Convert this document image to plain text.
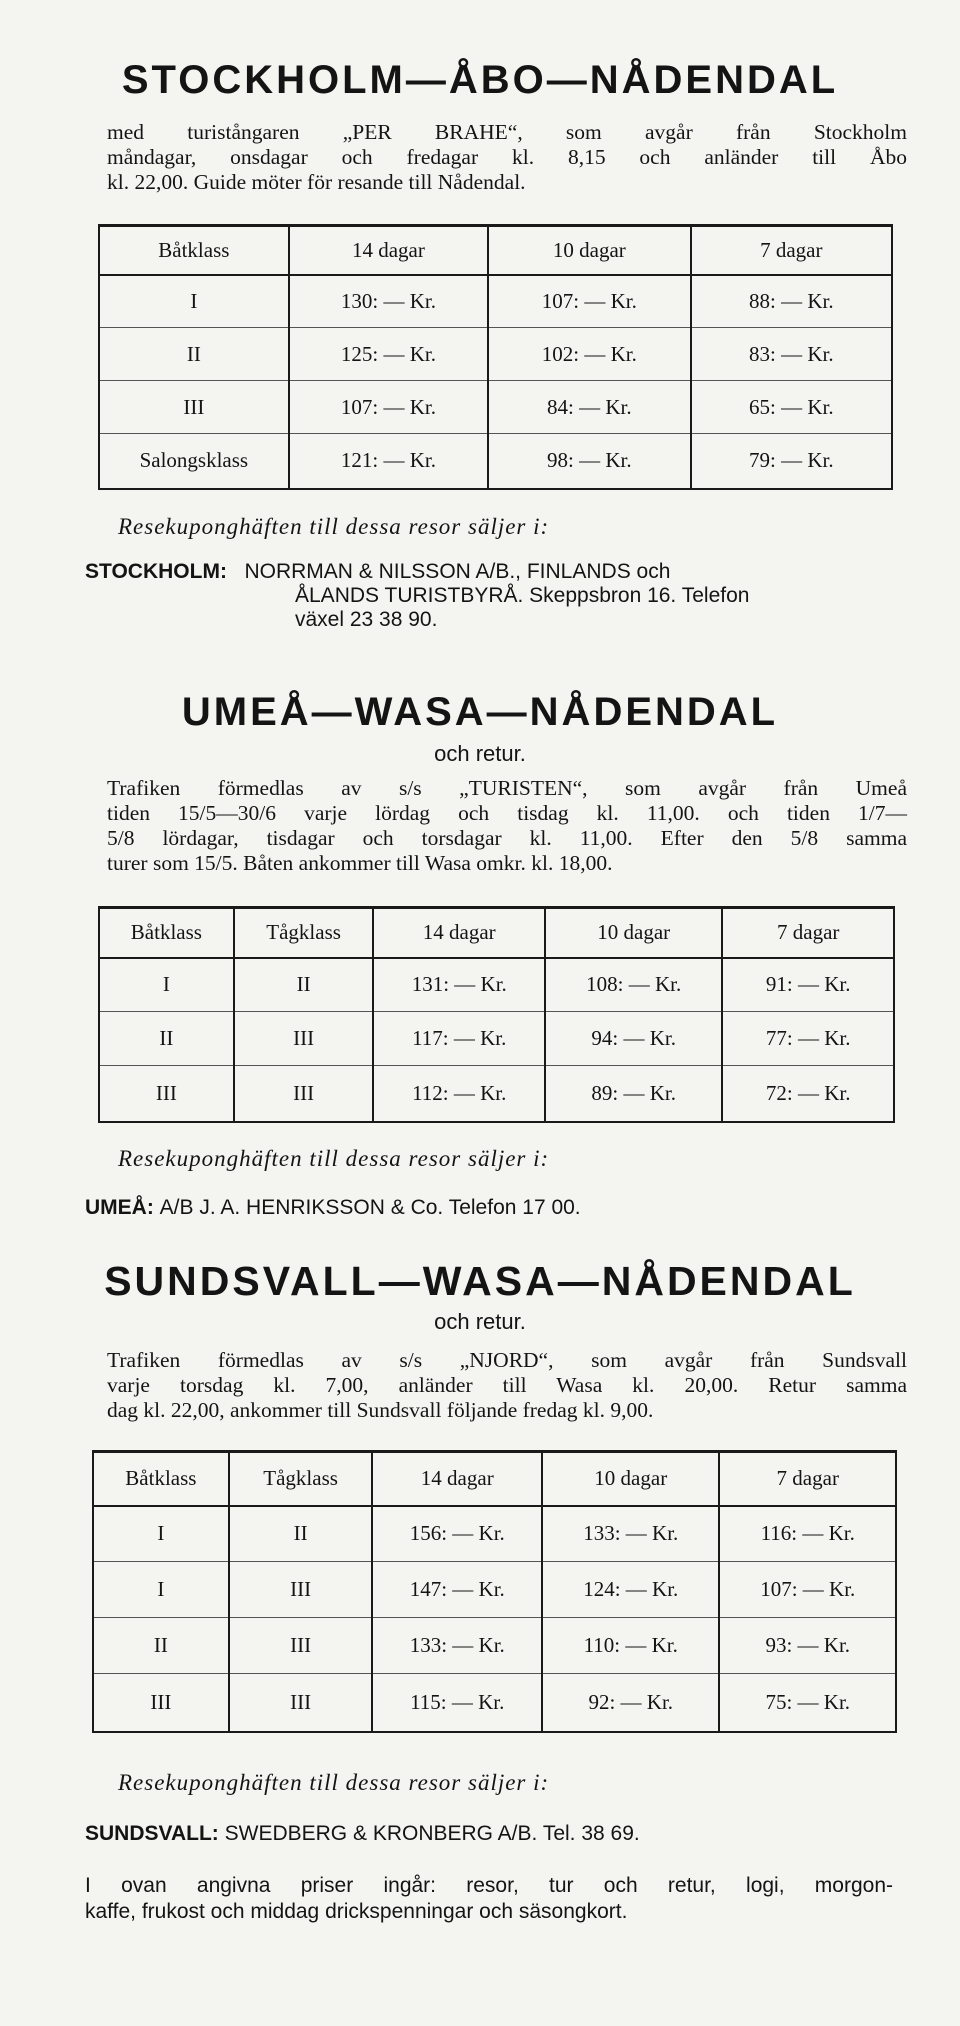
STOCKHOLM—ÅBO—NÅDENDAL

med turistångaren „PER BRAHE“, som avgår från Stockholm
måndagar, onsdagar och fredagar kl. 8,15 och anländer till Åbo
kl. 22,00. Guide möter för resande till Nådendal.

Båtklass	14 dagar	10 dagar	7 dagar
I	130: — Kr.	107: — Kr.	88: — Kr.
II	125: — Kr.	102: — Kr.	83: — Kr.
III	107: — Kr.	84: — Kr.	65: — Kr.
Salongsklass	121: — Kr.	98: — Kr.	79: — Kr.

Resekuponghäften till dessa resor säljer i:

STOCKHOLM: NORRMAN & NILSSON A/B., FINLANDS och
ÅLANDS TURISTBYRÅ. Skeppsbron 16. Telefon
växel 23 38 90.

UMEÅ—WASA—NÅDENDAL

och retur.

Trafiken förmedlas av s/s „TURISTEN“, som avgår från Umeå
tiden 15/5—30/6 varje lördag och tisdag kl. 11,00. och tiden 1/7—
5/8 lördagar, tisdagar och torsdagar kl. 11,00. Efter den 5/8 samma
turer som 15/5. Båten ankommer till Wasa omkr. kl. 18,00.

Båtklass	Tågklass	14 dagar	10 dagar	7 dagar
I	II	131: — Kr.	108: — Kr.	91: — Kr.
II	III	117: — Kr.	94: — Kr.	77: — Kr.
III	III	112: — Kr.	89: — Kr.	72: — Kr.

Resekuponghäften till dessa resor säljer i:

UMEÅ: A/B J. A. HENRIKSSON & Co. Telefon 17 00.

SUNDSVALL—WASA—NÅDENDAL

och retur.

Trafiken förmedlas av s/s „NJORD“, som avgår från Sundsvall
varje torsdag kl. 7,00, anländer till Wasa kl. 20,00. Retur samma
dag kl. 22,00, ankommer till Sundsvall följande fredag kl. 9,00.

Båtklass	Tågklass	14 dagar	10 dagar	7 dagar
I	II	156: — Kr.	133: — Kr.	116: — Kr.
I	III	147: — Kr.	124: — Kr.	107: — Kr.
II	III	133: — Kr.	110: — Kr.	93: — Kr.
III	III	115: — Kr.	92: — Kr.	75: — Kr.

Resekuponghäften till dessa resor säljer i:

SUNDSVALL: SWEDBERG & KRONBERG A/B. Tel. 38 69.

I ovan angivna priser ingår: resor, tur och retur, logi, morgon-
kaffe, frukost och middag drickspenningar och säsongkort.
